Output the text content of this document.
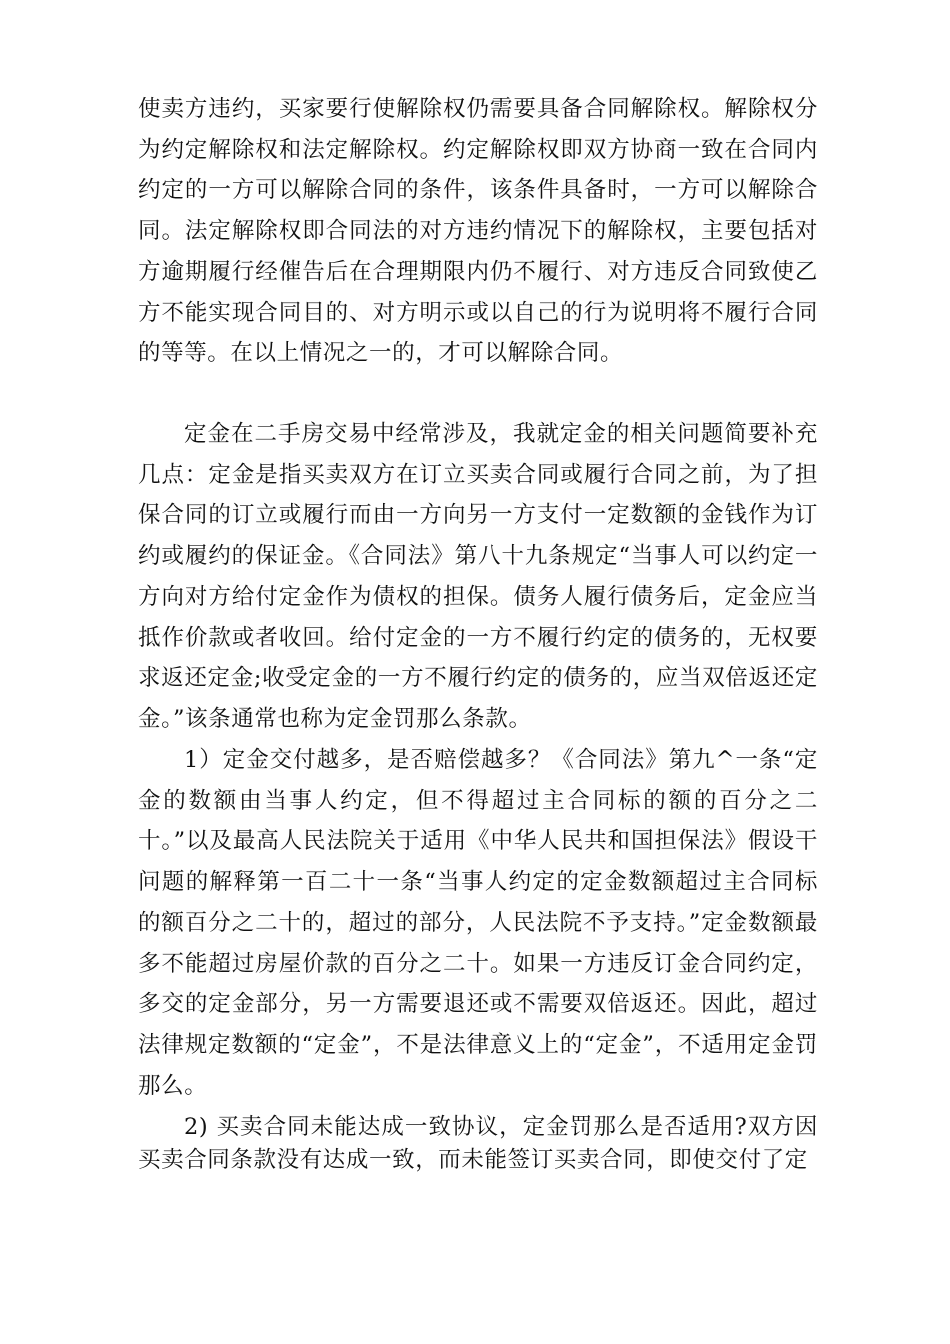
使卖方违约，买家要行使解除权仍需要具备合同解除权。解除权分为约定解除权和法定解除权。约定解除权即双方协商一致在合同内约定的一方可以解除合同的条件，该条件具备时，一方可以解除合同。法定解除权即合同法的对方违约情况下的解除权，主要包括对方逾期履行经催告后在合理期限内仍不履行、对方违反合同致使乙方不能实现合同目的、对方明示或以自己的行为说明将不履行合同的等等。在以上情况之一的，才可以解除合同。

定金在二手房交易中经常涉及，我就定金的相关问题简要补充几点：定金是指买卖双方在订立买卖合同或履行合同之前，为了担保合同的订立或履行而由一方向另一方支付一定数额的金钱作为订约或履约的保证金。《合同法》第八十九条规定“当事人可以约定一方向对方给付定金作为债权的担保。债务人履行债务后，定金应当抵作价款或者收回。给付定金的一方不履行约定的债务的，无权要求返还定金;收受定金的一方不履行约定的债务的，应当双倍返还定金。”该条通常也称为定金罚那么条款。

1）定金交付越多，是否赔偿越多？《合同法》第九^一条“定金的数额由当事人约定，但不得超过主合同标的额的百分之二十。”以及最高人民法院关于适用《中华人民共和国担保法》假设干问题的解释第一百二十一条“当事人约定的定金数额超过主合同标的额百分之二十的，超过的部分，人民法院不予支持。”定金数额最多不能超过房屋价款的百分之二十。如果一方违反订金合同约定，多交的定金部分，另一方需要退还或不需要双倍返还。因此，超过法律规定数额的“定金”，不是法律意义上的“定金”，不适用定金罚那么。

2) 买卖合同未能达成一致协议，定金罚那么是否适用?双方因买卖合同条款没有达成一致，而未能签订买卖合同，即使交付了定
